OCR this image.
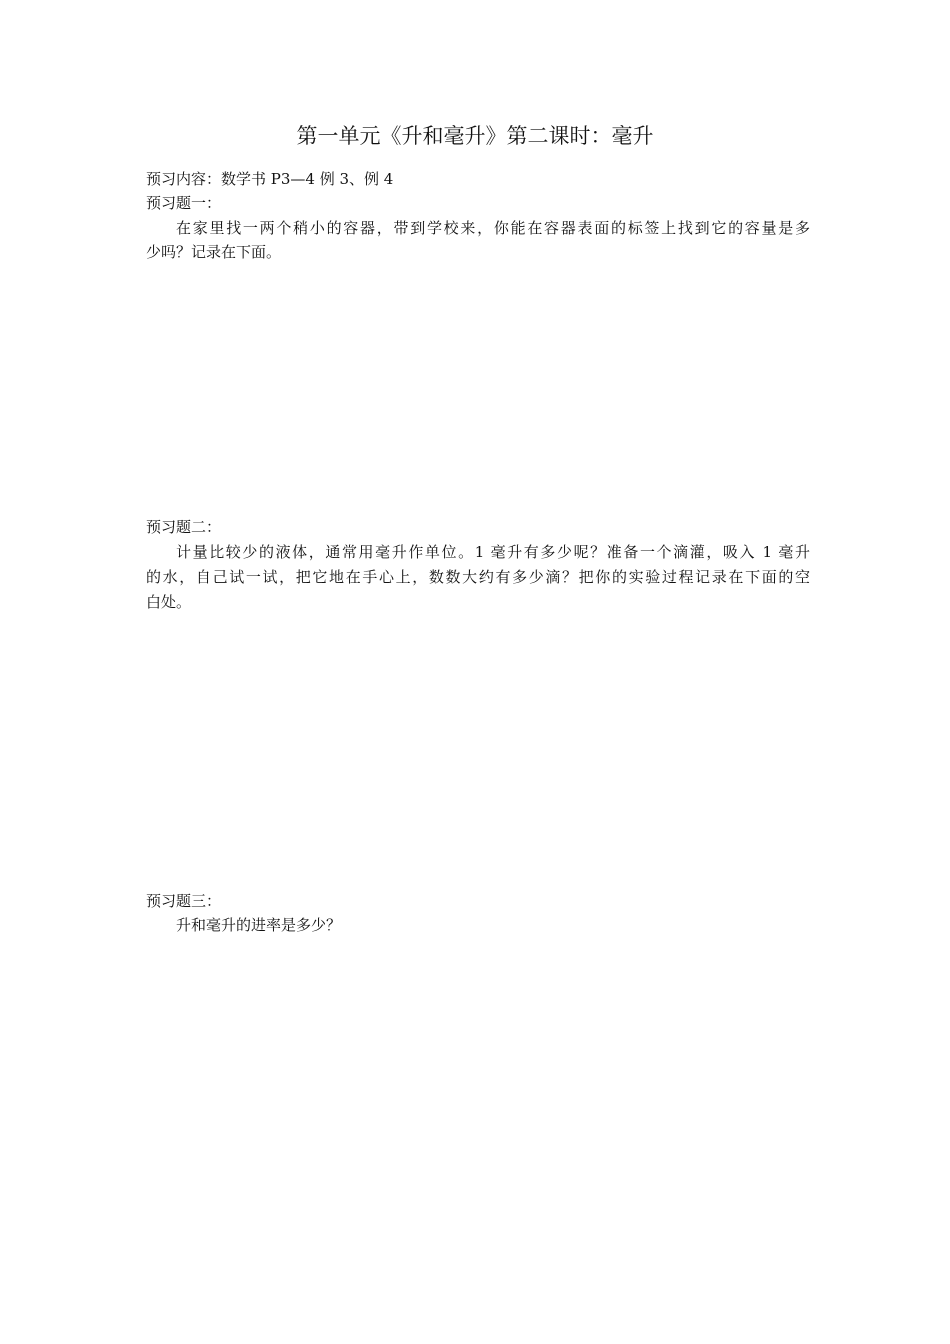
第一单元《升和毫升》第二课时：毫升
预习内容：数学书 P3—4 例 3、例 4
预习题一：
在家里找一两个稍小的容器，带到学校来，你能在容器表面的标签上找到它的容量是多
少吗？记录在下面。
预习题二：
计量比较少的液体，通常用毫升作单位。1 毫升有多少呢？准备一个滴灌，吸入 1 毫升
的水，自己试一试，把它地在手心上，数数大约有多少滴？把你的实验过程记录在下面的空
白处。
预习题三：
升和毫升的进率是多少？
